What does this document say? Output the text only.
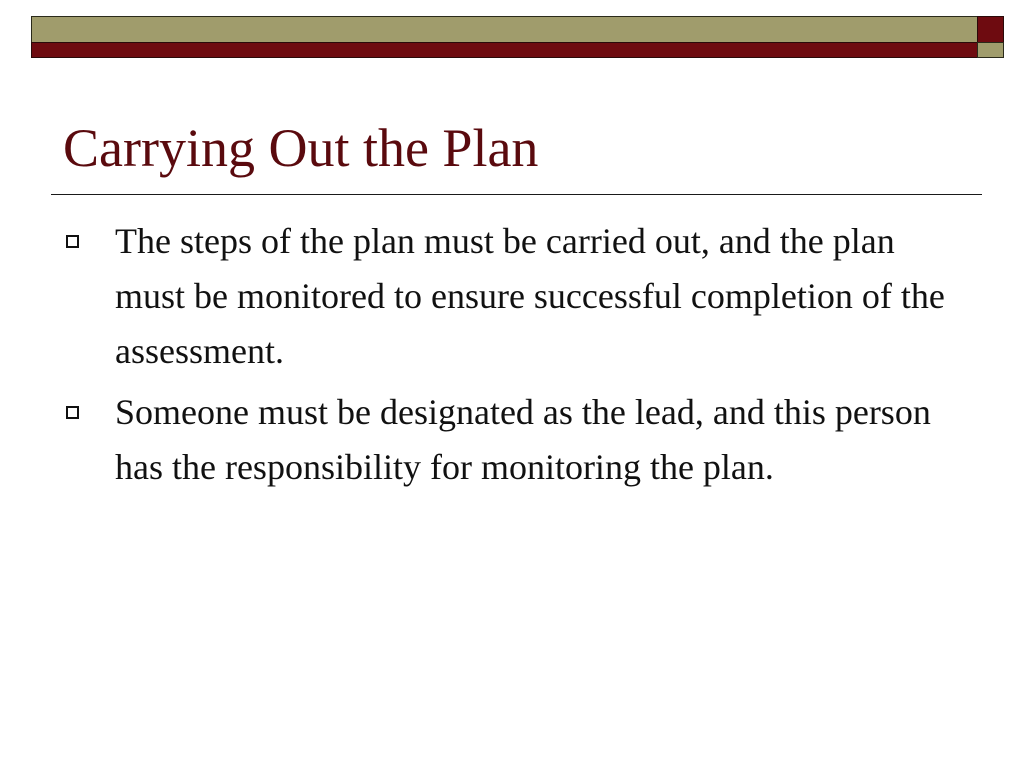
Carrying Out the Plan
The steps of the plan must be carried out, and the plan must be monitored to ensure successful completion of the assessment.
Someone must be designated as the lead, and this person has the responsibility for monitoring the plan.
